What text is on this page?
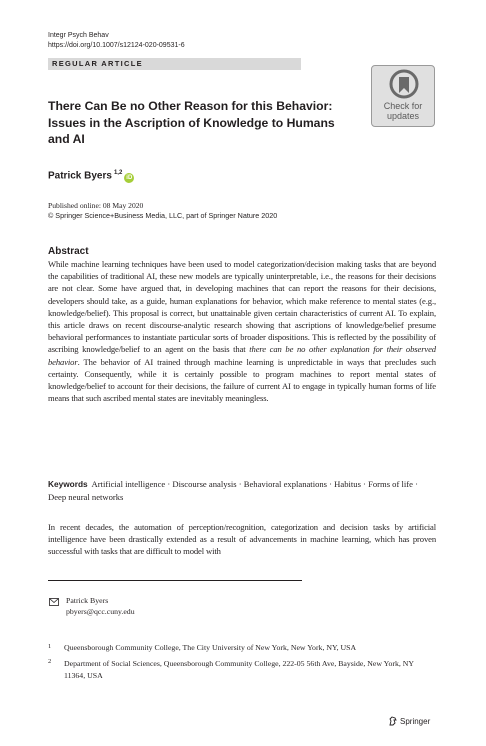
Integr Psych Behav
https://doi.org/10.1007/s12124-020-09531-6
REGULAR ARTICLE
Check for
updates
There Can Be no Other Reason for this Behavior: Issues in the Ascription of Knowledge to Humans and AI
Patrick Byers $^{1,2}$iD
Published online: 08 May 2020
© Springer Science+Business Media, LLC, part of Springer Nature 2020
Abstract
While machine learning techniques have been used to model categorization/decision making tasks that are beyond the capabilities of traditional AI, these new models are typically uninterpretable, i.e., the reasons for their decisions are not clear. Some have argued that, in developing machines that can report the reasons for their decisions, developers should take, as a guide, human explanations for behavior, which make reference to mental states (e.g., knowledge/belief). This proposal is correct, but unattainable given certain characteristics of current AI. To explain, this article draws on recent discourse-analytic research showing that ascriptions of knowledge/belief presume behavioral performances to instantiate particular sorts of broader dispositions. This is reflected by the possibility of ascribing knowledge/belief to an agent on the basis that there can be no other explanation for their observed behavior. The behavior of AI trained through machine learning is unpredictable in ways that precludes such certainty. Consequently, while it is certainly possible to program machines to report mental states of knowledge/belief to account for their decisions, the failure of current AI to engage in typically human forms of life means that such ascribed mental states are inevitably meaningless.
Keywords Artificial intelligence · Discourse analysis · Behavioral explanations · Habitus · Forms of life · Deep neural networks
In recent decades, the automation of perception/recognition, categorization and decision tasks by artificial intelligence have been drastically extended as a result of advancements in machine learning, which has proven successful with tasks that are difficult to model with
Patrick Byers
pbyers@qcc.cuny.edu
1 Queensborough Community College, The City University of New York, New York, NY, USA
2 Department of Social Sciences, Queensborough Community College, 222-05 56th Ave, Bayside, New York, NY 11364, USA
Springer
